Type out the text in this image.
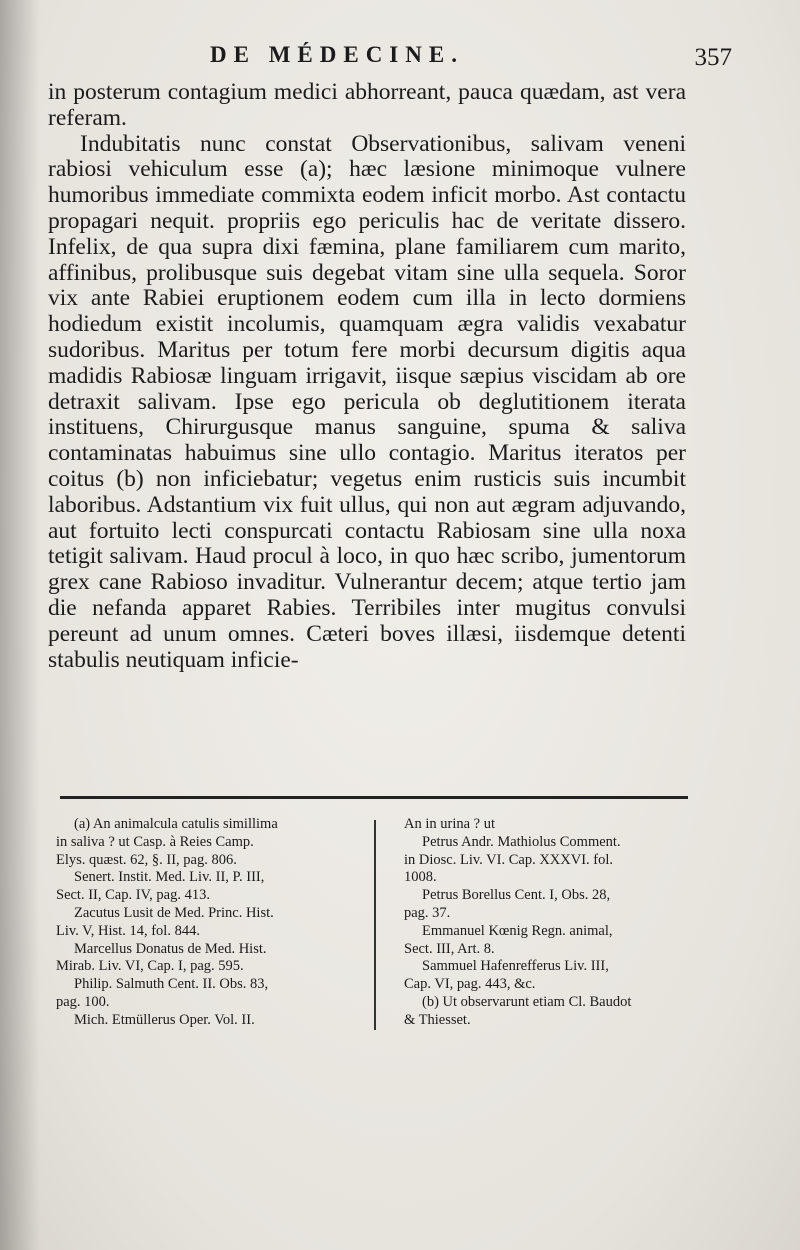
DE MÉDECINE.	357

in posterum contagium medici abhorreant, pauca quædam, ast vera referam.

Indubitatis nunc constat Observationibus, salivam veneni rabiosi vehiculum esse (a); hæc læsione minimoque vulnere humoribus immediate commixta eodem inficit morbo. Ast contactu propagari nequit. propriis ego periculis hac de veritate dissero. Infelix, de qua supra dixi fæmina, plane familiarem cum marito, affinibus, prolibusque suis degebat vitam sine ulla sequela. Soror vix ante Rabiei eruptionem eodem cum illa in lecto dormiens hodiedum existit incolumis, quamquam ægra validis vexabatur sudoribus. Maritus per totum fere morbi decursum digitis aqua madidis Rabiosæ linguam irrigavit, iisque sæpius viscidam ab ore detraxit salivam. Ipse ego pericula ob deglutitionem iterata instituens, Chirurgusque manus sanguine, spuma & saliva contaminatas habuimus sine ullo contagio. Maritus iteratos per coitus (b) non inficiebatur; vegetus enim rusticis suis incumbit laboribus. Adstantium vix fuit ullus, qui non aut ægram adjuvando, aut fortuito lecti conspurcati contactu Rabiosam sine ulla noxa tetigit salivam. Haud procul à loco, in quo hæc scribo, jumentorum grex cane Rabioso invaditur. Vulnerantur decem; atque tertio jam die nefanda apparet Rabies. Terribiles inter mugitus convulsi pereunt ad unum omnes. Cæteri boves illæsi, iisdemque detenti stabulis neutiquam inficie-

(a) An animalcula catulis simillima

in saliva ? ut Casp. à Reies Camp.

Elys. quæst. 62, §. II, pag. 806.

Senert. Instit. Med. Liv. II, P. III,

Sect. II, Cap. IV, pag. 413.

Zacutus Lusit de Med. Princ. Hist.

Liv. V, Hist. 14, fol. 844.

Marcellus Donatus de Med. Hist.

Mirab. Liv. VI, Cap. I, pag. 595.

Philip. Salmuth Cent. II. Obs. 83,

pag. 100.

Mich. Etmüllerus Oper. Vol. II.

An in urina ? ut

Petrus Andr. Mathiolus Comment.

in Diosc. Liv. VI. Cap. XXXVI. fol.

1008.

Petrus Borellus Cent. I, Obs. 28,

pag. 37.

Emmanuel Kœnig Regn. animal,

Sect. III, Art. 8.

Sammuel Hafenrefferus Liv. III,

Cap. VI, pag. 443, &c.

(b) Ut observarunt etiam Cl. Baudot

& Thiesset.
